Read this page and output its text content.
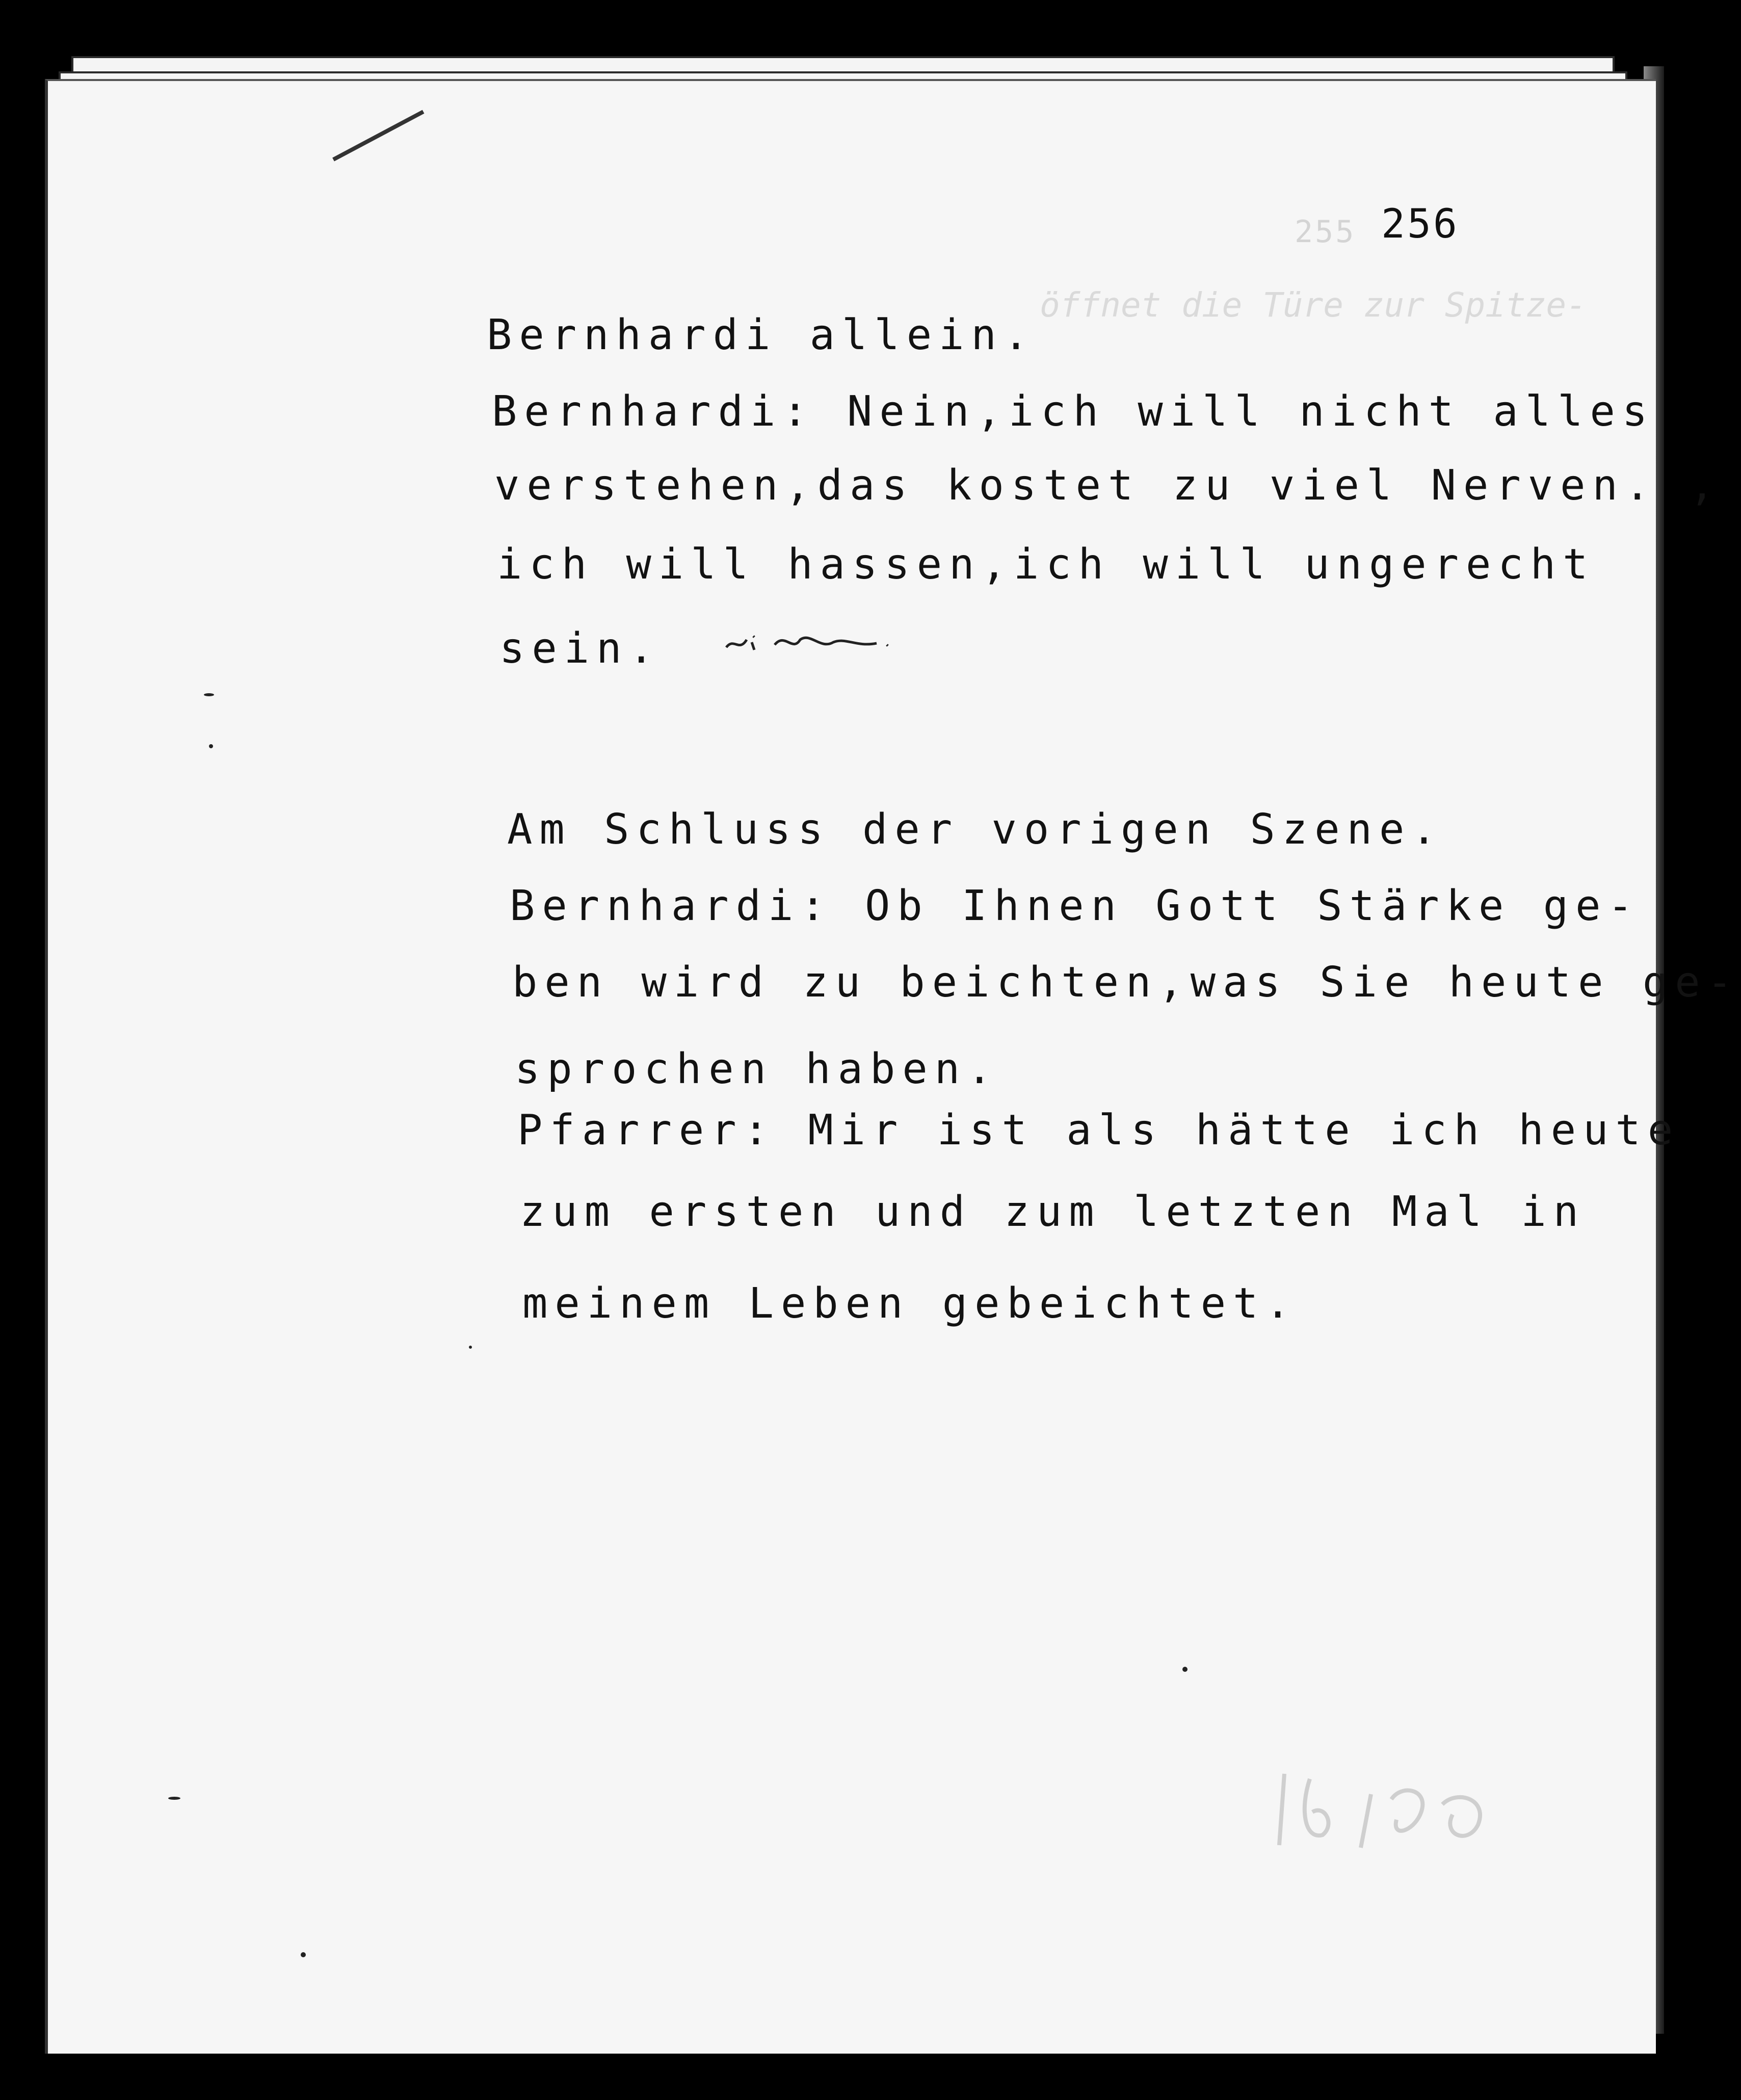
255 256
öffnet die Türe zur Spitze-
Bernhardi allein.
Bernhardi: Nein,ich will nicht alles
verstehen,das kostet zu viel Nerven. ,
ich will hassen,ich will ungerecht
sein.
Am Schluss der vorigen Szene.
Bernhardi: Ob Ihnen Gott Stärke ge-
ben wird zu beichten,was Sie heute ge-
sprochen haben.
Pfarrer: Mir ist als hätte ich heute
zum ersten und zum letzten Mal in
meinem Leben gebeichtet.
